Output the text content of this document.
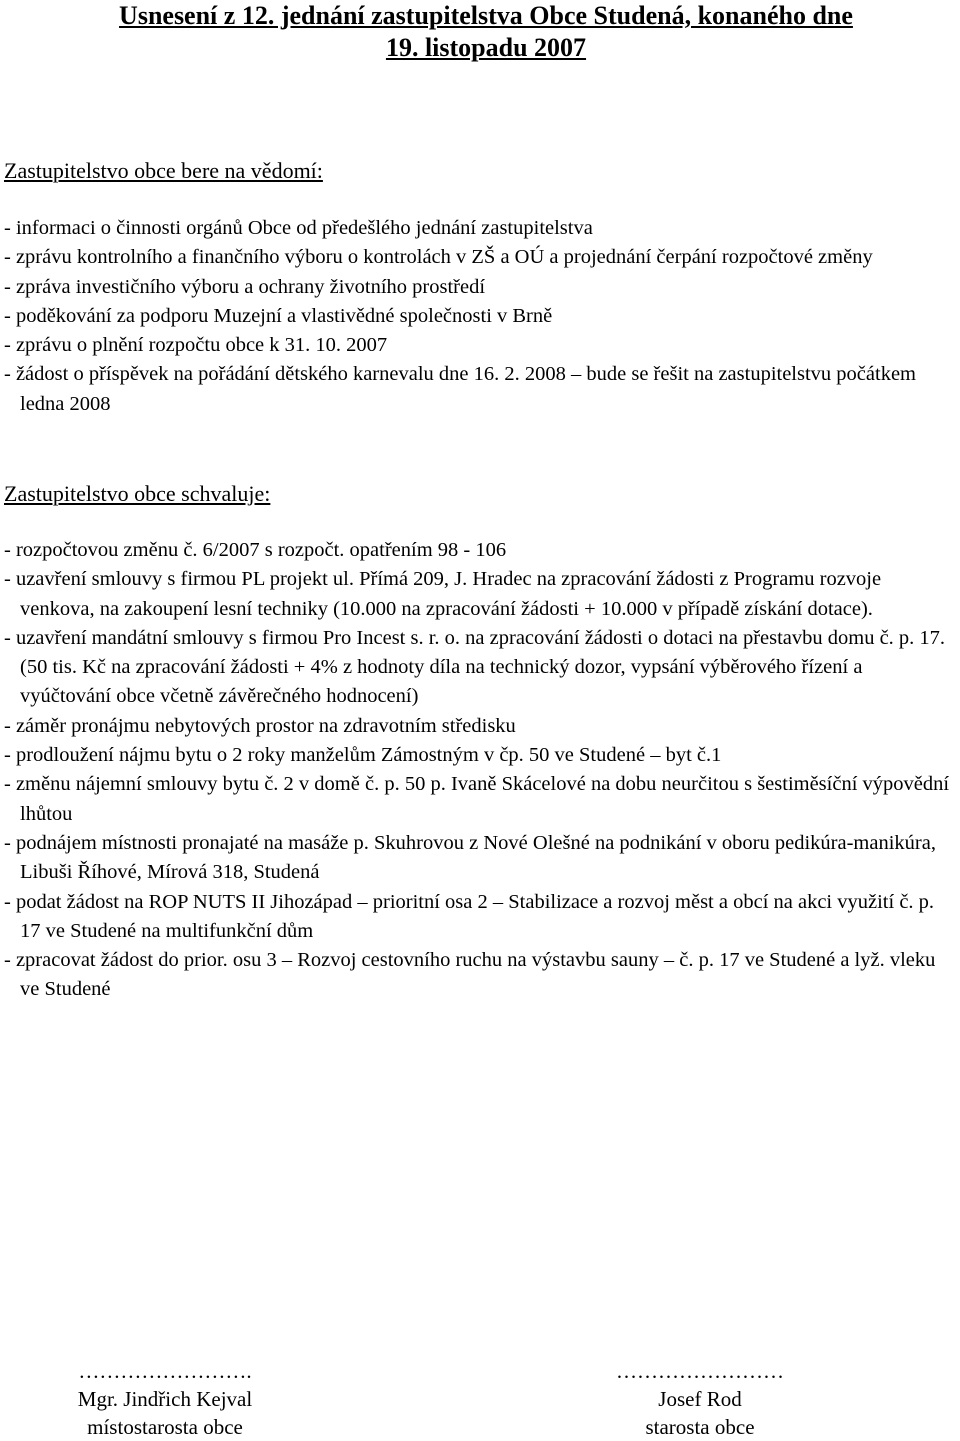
Usnesení z 12. jednání zastupitelstva Obce Studená, konaného dne
19. listopadu 2007
Zastupitelstvo obce bere na vědomí:
- informaci o činnosti orgánů Obce od předešlého jednání zastupitelstva
- zprávu kontrolního a finančního výboru o kontrolách v ZŠ a OÚ a projednání čerpání rozpočtové změny
- zpráva investičního výboru a ochrany životního prostředí
- poděkování za podporu Muzejní a vlastivědné společnosti v Brně
- zprávu o plnění rozpočtu obce k 31. 10. 2007
- žádost o příspěvek na pořádání dětského karnevalu dne 16. 2. 2008 – bude se řešit na zastupitelstvu počátkem ledna 2008
Zastupitelstvo obce schvaluje:
- rozpočtovou změnu č. 6/2007 s rozpočt. opatřením 98 - 106
- uzavření smlouvy s firmou PL projekt ul. Přímá 209, J. Hradec na zpracování žádosti z Programu rozvoje venkova, na zakoupení lesní techniky (10.000 na zpracování žádosti + 10.000 v případě získání dotace).
- uzavření mandátní smlouvy s firmou Pro Incest s. r. o. na zpracování žádosti o dotaci na přestavbu domu č. p. 17. (50 tis. Kč na zpracování žádosti + 4% z hodnoty díla na technický dozor, vypsání výběrového řízení a vyúčtování obce včetně závěrečného hodnocení)
- záměr pronájmu nebytových prostor na zdravotním středisku
- prodloužení nájmu bytu o 2 roky manželům Zámostným v čp. 50 ve Studené – byt č.1
- změnu nájemní smlouvy bytu č. 2 v domě č. p. 50 p. Ivaně Skácelové na dobu neurčitou s šestiměsíční výpovědní lhůtou
- podnájem místnosti pronajaté na masáže p. Skuhrovou z Nové Olešné na podnikání v oboru pedikúra-manikúra, Libuši Říhové, Mírová 318, Studená
- podat žádost na ROP NUTS II Jihozápad – prioritní osa 2 – Stabilizace a rozvoj měst a obcí na akci využití č. p. 17 ve Studené na multifunkční dům
- zpracovat žádost do prior. osu 3 – Rozvoj cestovního ruchu na výstavbu sauny – č. p. 17 ve Studené a lyž. vleku ve Studené
…………………….
Mgr. Jindřich Kejval
místostarosta obce
……………………
Josef Rod
starosta obce
